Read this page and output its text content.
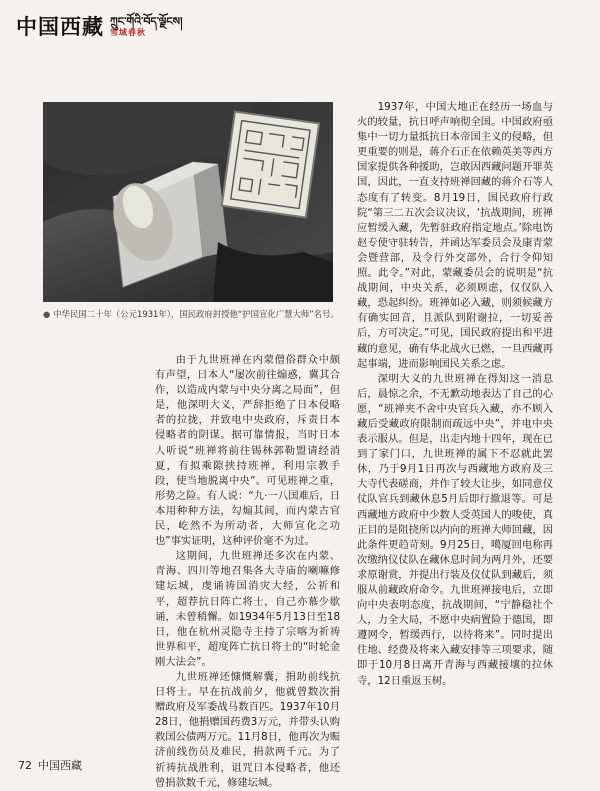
中国西藏 ཀྲུང་གོའི་བོད་ལྗོངས།
雪域春秋
● 中华民国二十年（公元1931年），国民政府封授他“护国宣化广慧大师”名号。

由于九世班禅在内蒙僧俗群众中颇有声望，日本人“屡次前往煽惑，冀其合作，以造成内蒙与中央分离之局面”，但是，他深明大义，严辞拒绝了日本侵略者的拉拢，并致电中央政府，斥责日本侵略者的阴谋。据可靠情报，当时日本人听说“班禅将前往锡林郭勒盟请经消夏，有拟乘隙挟持班禅，利用宗教手段，使当地脱离中央”。可见班禅之重，形势之险。有人说：“九·一八国难后，日本用种种方法，勾煽其间，而内蒙古官民，屹然不为所动者，大师宣化之功也”事实证明，这种评价毫不为过。

这期间，九世班禅还多次在内蒙、青海、四川等地召集各大寺庙的喇嘛修建坛城，虔诵祷国消灾大经，公祈和平，超荐抗日阵亡将士，自己亦慕少歇诵，未曾稍懈。如1934年5月13日至18日，他在杭州灵隐寺主持了宗喀为祈祷世界和平，超度阵亡抗日将士的“时轮金刚大法会”。

九世班禅还慷慨解囊，捐助前线抗日将士。早在抗战前夕，他就曾数次捐赠政府及军委战马数百匹。1937年10月28日，他捐赠国药费3万元，并带头认购救国公债两万元。11月8日，他再次为赈济前线伤员及难民，捐款两千元。为了祈祷抗战胜利，诅咒日本侵略者，他还曾捐款数千元，修建坛城。

1937年，中国大地正在经历一场血与火的较量，抗日呼声响彻全国。中国政府亟集中一切力量抵抗日本帝国主义的侵略，但更重要的则是，蒋介石正在依赖英美等西方国家提供各种援助，岂敢因西藏问题开罪英国，因此，一直支持班禅回藏的蒋介石等人态度有了转变。8月19日，国民政府行政院“第三二五次会议决议，‘抗战期间，班禅应暂缓入藏，先暂驻政府指定地点。’除电饬赵专使守驻转告，并函达军委员会及康青蒙会暨营部，及令行外交部外，合行令仰知照。此令。”对此，蒙藏委员会的说明是“抗战期间，中央关系，必须顾虑，仅仅队入藏，恐起纠纷。班禅如必入藏，则须候藏方有确实回音，且派队到附谢拉，一切妥善后，方可决定。”可见，国民政府提出和平进藏的意见，确有华北战火已燃，一旦西藏再起事端，进而影响国民关系之虑。

深明大义的九世班禅在得知这一消息后，晨惊之余，不无歉动地表达了自己的心愿，“班禅夹不舍中央官兵入藏，亦不顾入藏后受藏政府限制而疏远中央”，并电中央表示服从。但是，出走内地十四年，现在已到了家门口，九世班禅的属下不忍就此罢休，乃于9月1日再次与西藏地方政府及三大寺代表磋商，并作了较大让步，如同意仪仗队官兵到藏休息5月后即行撤退等。可是西藏地方政府中少数人受英国人的唆使，真正目的是阻挠所以内向的班禅大师回藏，因此条件更趋苛刻。9月25日，噶厦回电称再次缴纳仪仗队在藏休息时间为两月外，还要求原谢赏，并提出行装及仪仗队到藏后，须服从前藏政府命令。九世班禅接电后，立即向中央表明态度，抗战期间，“宁静稳社个人，力全大局，不愿中央病置险于德国，即遵网令，暂缓西行，以待将来”。同时提出住地、经费及将来入藏安排等三项要求，随即于10月8日离开青海与西藏接壤的拉休寺，12日重返玉树。

72 中国西藏
